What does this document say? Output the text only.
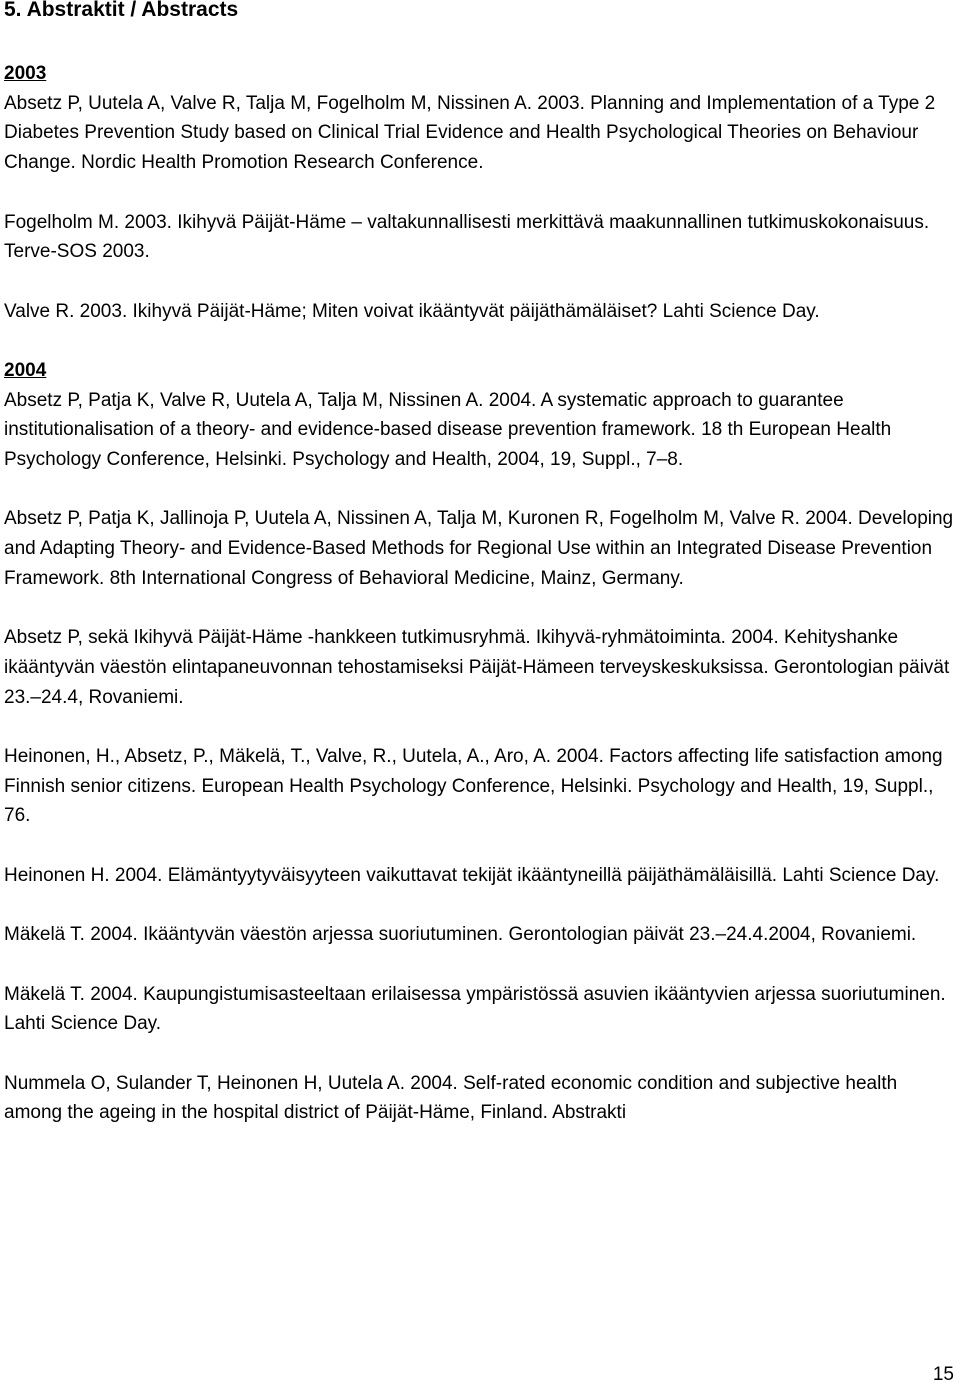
5. Abstraktit / Abstracts
2003

Absetz P, Uutela A, Valve R, Talja M, Fogelholm M, Nissinen A. 2003. Planning and Implementation of a Type 2 Diabetes Prevention Study based on Clinical Trial Evidence and Health Psychological Theories on Behaviour Change. Nordic Health Promotion Research Conference.

Fogelholm M. 2003. Ikihyvä Päijät-Häme – valtakunnallisesti merkittävä maakunnallinen tutkimuskokonaisuus. Terve-SOS 2003.

Valve R. 2003. Ikihyvä Päijät-Häme; Miten voivat ikääntyvät päijäthämäläiset? Lahti Science Day.

2004

Absetz P, Patja K, Valve R, Uutela A, Talja M, Nissinen A. 2004. A systematic approach to guarantee institutionalisation of a theory- and evidence-based disease prevention framework. 18 th European Health Psychology Conference, Helsinki. Psychology and Health, 2004, 19, Suppl., 7–8.

Absetz P, Patja K, Jallinoja P, Uutela A, Nissinen A, Talja M, Kuronen R, Fogelholm M, Valve R. 2004. Developing and Adapting Theory- and Evidence-Based Methods for Regional Use within an Integrated Disease Prevention Framework. 8th International Congress of Behavioral Medicine, Mainz, Germany.

Absetz P, sekä Ikihyvä Päijät-Häme -hankkeen tutkimusryhmä. Ikihyvä-ryhmätoiminta. 2004. Kehityshanke ikääntyvän väestön elintapaneuvonnan tehostamiseksi Päijät-Hämeen terveyskeskuksissa. Gerontologian päivät 23.–24.4, Rovaniemi.

Heinonen, H., Absetz, P., Mäkelä, T., Valve, R., Uutela, A., Aro, A. 2004. Factors affecting life satisfaction among Finnish senior citizens. European Health Psychology Conference, Helsinki. Psychology and Health, 19, Suppl., 76.

Heinonen H. 2004. Elämäntyytyväisyyteen vaikuttavat tekijät ikääntyneillä päijäthämäläisillä. Lahti Science Day.

Mäkelä T. 2004. Ikääntyvän väestön arjessa suoriutuminen. Gerontologian päivät 23.–24.4.2004, Rovaniemi.

Mäkelä T. 2004. Kaupungistumisasteeltaan erilaisessa ympäristössä asuvien ikääntyvien arjessa suoriutuminen. Lahti Science Day.

Nummela O, Sulander T, Heinonen H, Uutela A. 2004. Self-rated economic condition and subjective health among the ageing in the hospital district of Päijät-Häme, Finland. Abstrakti

15
